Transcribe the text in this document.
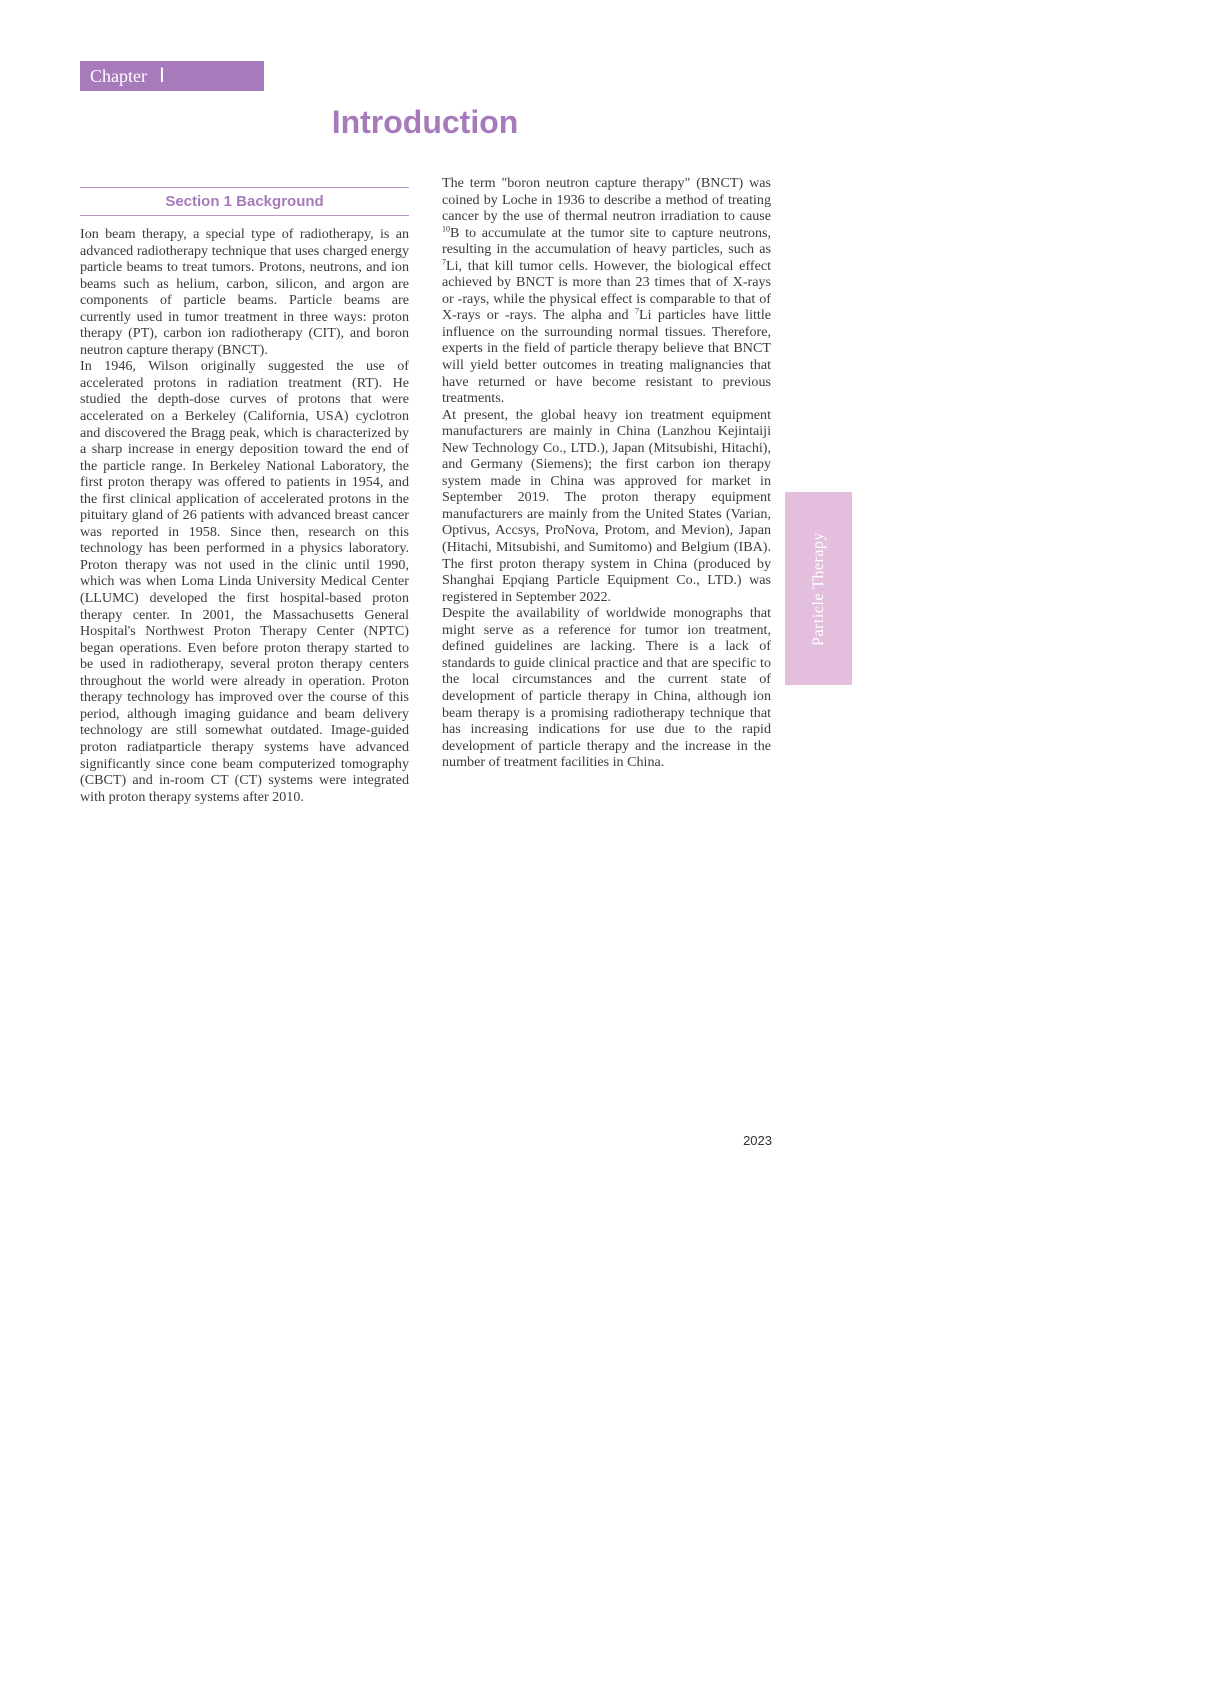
Chapter Ⅰ
Introduction
Section 1 Background

Ion beam therapy, a special type of radiotherapy, is an advanced radiotherapy technique that uses charged energy particle beams to treat tumors. Protons, neutrons, and ion beams such as helium, carbon, silicon, and argon are components of particle beams. Particle beams are currently used in tumor treatment in three ways: proton therapy (PT), carbon ion radiotherapy (CIT), and boron neutron capture therapy (BNCT).

In 1946, Wilson originally suggested the use of accelerated protons in radiation treatment (RT). He studied the depth-dose curves of protons that were accelerated on a Berkeley (California, USA) cyclotron and discovered the Bragg peak, which is characterized by a sharp increase in energy deposition toward the end of the particle range. In Berkeley National Laboratory, the first proton therapy was offered to patients in 1954, and the first clinical application of accelerated protons in the pituitary gland of 26 patients with advanced breast cancer was reported in 1958. Since then, research on this technology has been performed in a physics laboratory. Proton therapy was not used in the clinic until 1990, which was when Loma Linda University Medical Center (LLUMC) developed the first hospital-based proton therapy center. In 2001, the Massachusetts General Hospital's Northwest Proton Therapy Center (NPTC) began operations. Even before proton therapy started to be used in radiotherapy, several proton therapy centers throughout the world were already in operation. Proton therapy technology has improved over the course of this period, although imaging guidance and beam delivery technology are still somewhat outdated. Image-guided proton radiatparticle therapy systems have advanced significantly since cone beam computerized tomography (CBCT) and in-room CT (CT) systems were integrated with proton therapy systems after 2010.

The term "boron neutron capture therapy" (BNCT) was coined by Loche in 1936 to describe a method of treating cancer by the use of thermal neutron irradiation to cause $^{10}$B to accumulate at the tumor site to capture neutrons, resulting in the accumulation of heavy particles, such as $^7$Li, that kill tumor cells. However, the biological effect achieved by BNCT is more than 23 times that of X-rays or -rays, while the physical effect is comparable to that of X-rays or -rays. The alpha and $^7$Li particles have little influence on the surrounding normal tissues. Therefore, experts in the field of particle therapy believe that BNCT will yield better outcomes in treating malignancies that have returned or have become resistant to previous treatments.

At present, the global heavy ion treatment equipment manufacturers are mainly in China (Lanzhou Kejintaiji New Technology Co., LTD.), Japan (Mitsubishi, Hitachi), and Germany (Siemens); the first carbon ion therapy system made in China was approved for market in September 2019. The proton therapy equipment manufacturers are mainly from the United States (Varian, Optivus, Accsys, ProNova, Protom, and Mevion), Japan (Hitachi, Mitsubishi, and Sumitomo) and Belgium (IBA). The first proton therapy system in China (produced by Shanghai Epqiang Particle Equipment Co., LTD.) was registered in September 2022.

Despite the availability of worldwide monographs that might serve as a reference for tumor ion treatment, defined guidelines are lacking. There is a lack of standards to guide clinical practice and that are specific to the local circumstances and the current state of development of particle therapy in China, although ion beam therapy is a promising radiotherapy technique that has increasing indications for use due to the rapid development of particle therapy and the increase in the number of treatment facilities in China.

Particle Therapy
2023
